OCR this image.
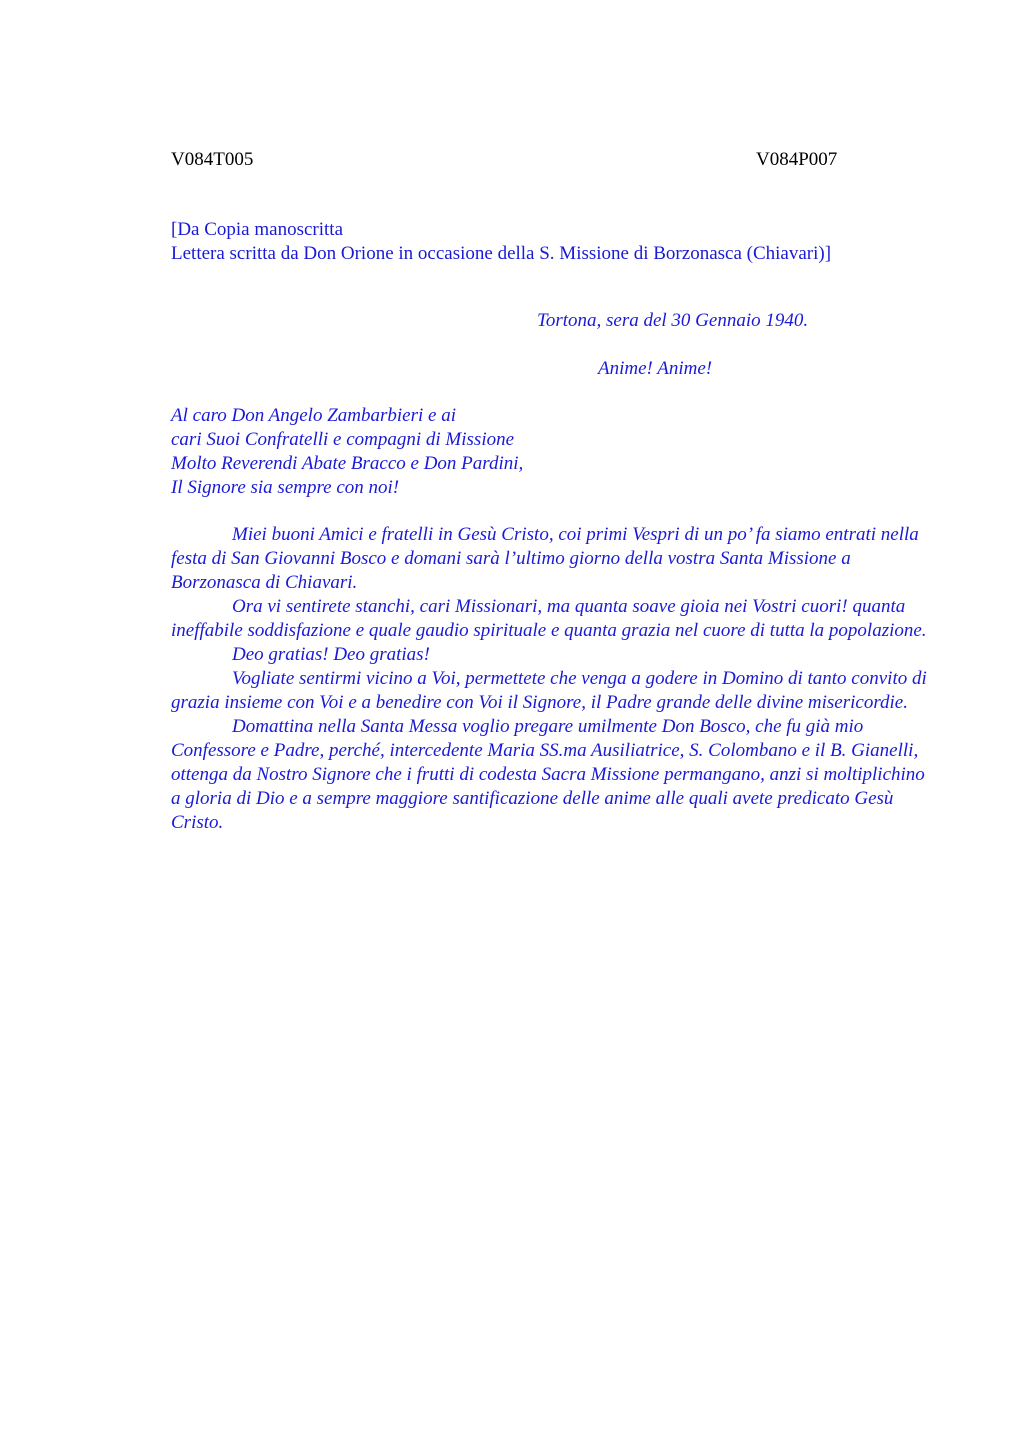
V084T005	V084P007
[Da Copia manoscritta
Lettera scritta da Don Orione in occasione della S. Missione di Borzonasca (Chiavari)]
Tortona, sera del 30 Gennaio 1940.
Anime! Anime!
Al caro Don Angelo Zambarbieri e ai
cari Suoi Confratelli e compagni di Missione
Molto Reverendi Abate Bracco e Don Pardini,
Il Signore sia sempre con noi!

Miei buoni Amici e fratelli in Gesù Cristo, coi primi Vespri di un po’ fa siamo entrati nella festa di San Giovanni Bosco e domani sarà l’ultimo giorno della vostra Santa Missione a Borzonasca di Chiavari.

Ora vi sentirete stanchi, cari Missionari, ma quanta soave gioia nei Vostri cuori! quanta ineffabile soddisfazione e quale gaudio spirituale e quanta grazia nel cuore di tutta la popolazione.

Deo gratias! Deo gratias!

Vogliate sentirmi vicino a Voi, permettete che venga a godere in Domino di tanto convito di grazia insieme con Voi e a benedire con Voi il Signore, il Padre grande delle divine misericordie.

Domattina nella Santa Messa voglio pregare umilmente Don Bosco, che fu già mio Confessore e Padre, perché, intercedente Maria SS.ma Ausiliatrice, S. Colombano e il B. Gianelli, ottenga da Nostro Signore che i frutti di codesta Sacra Missione permangano, anzi si moltiplichino a gloria di Dio e a sempre maggiore santificazione delle anime alle quali avete predicato Gesù Cristo.
